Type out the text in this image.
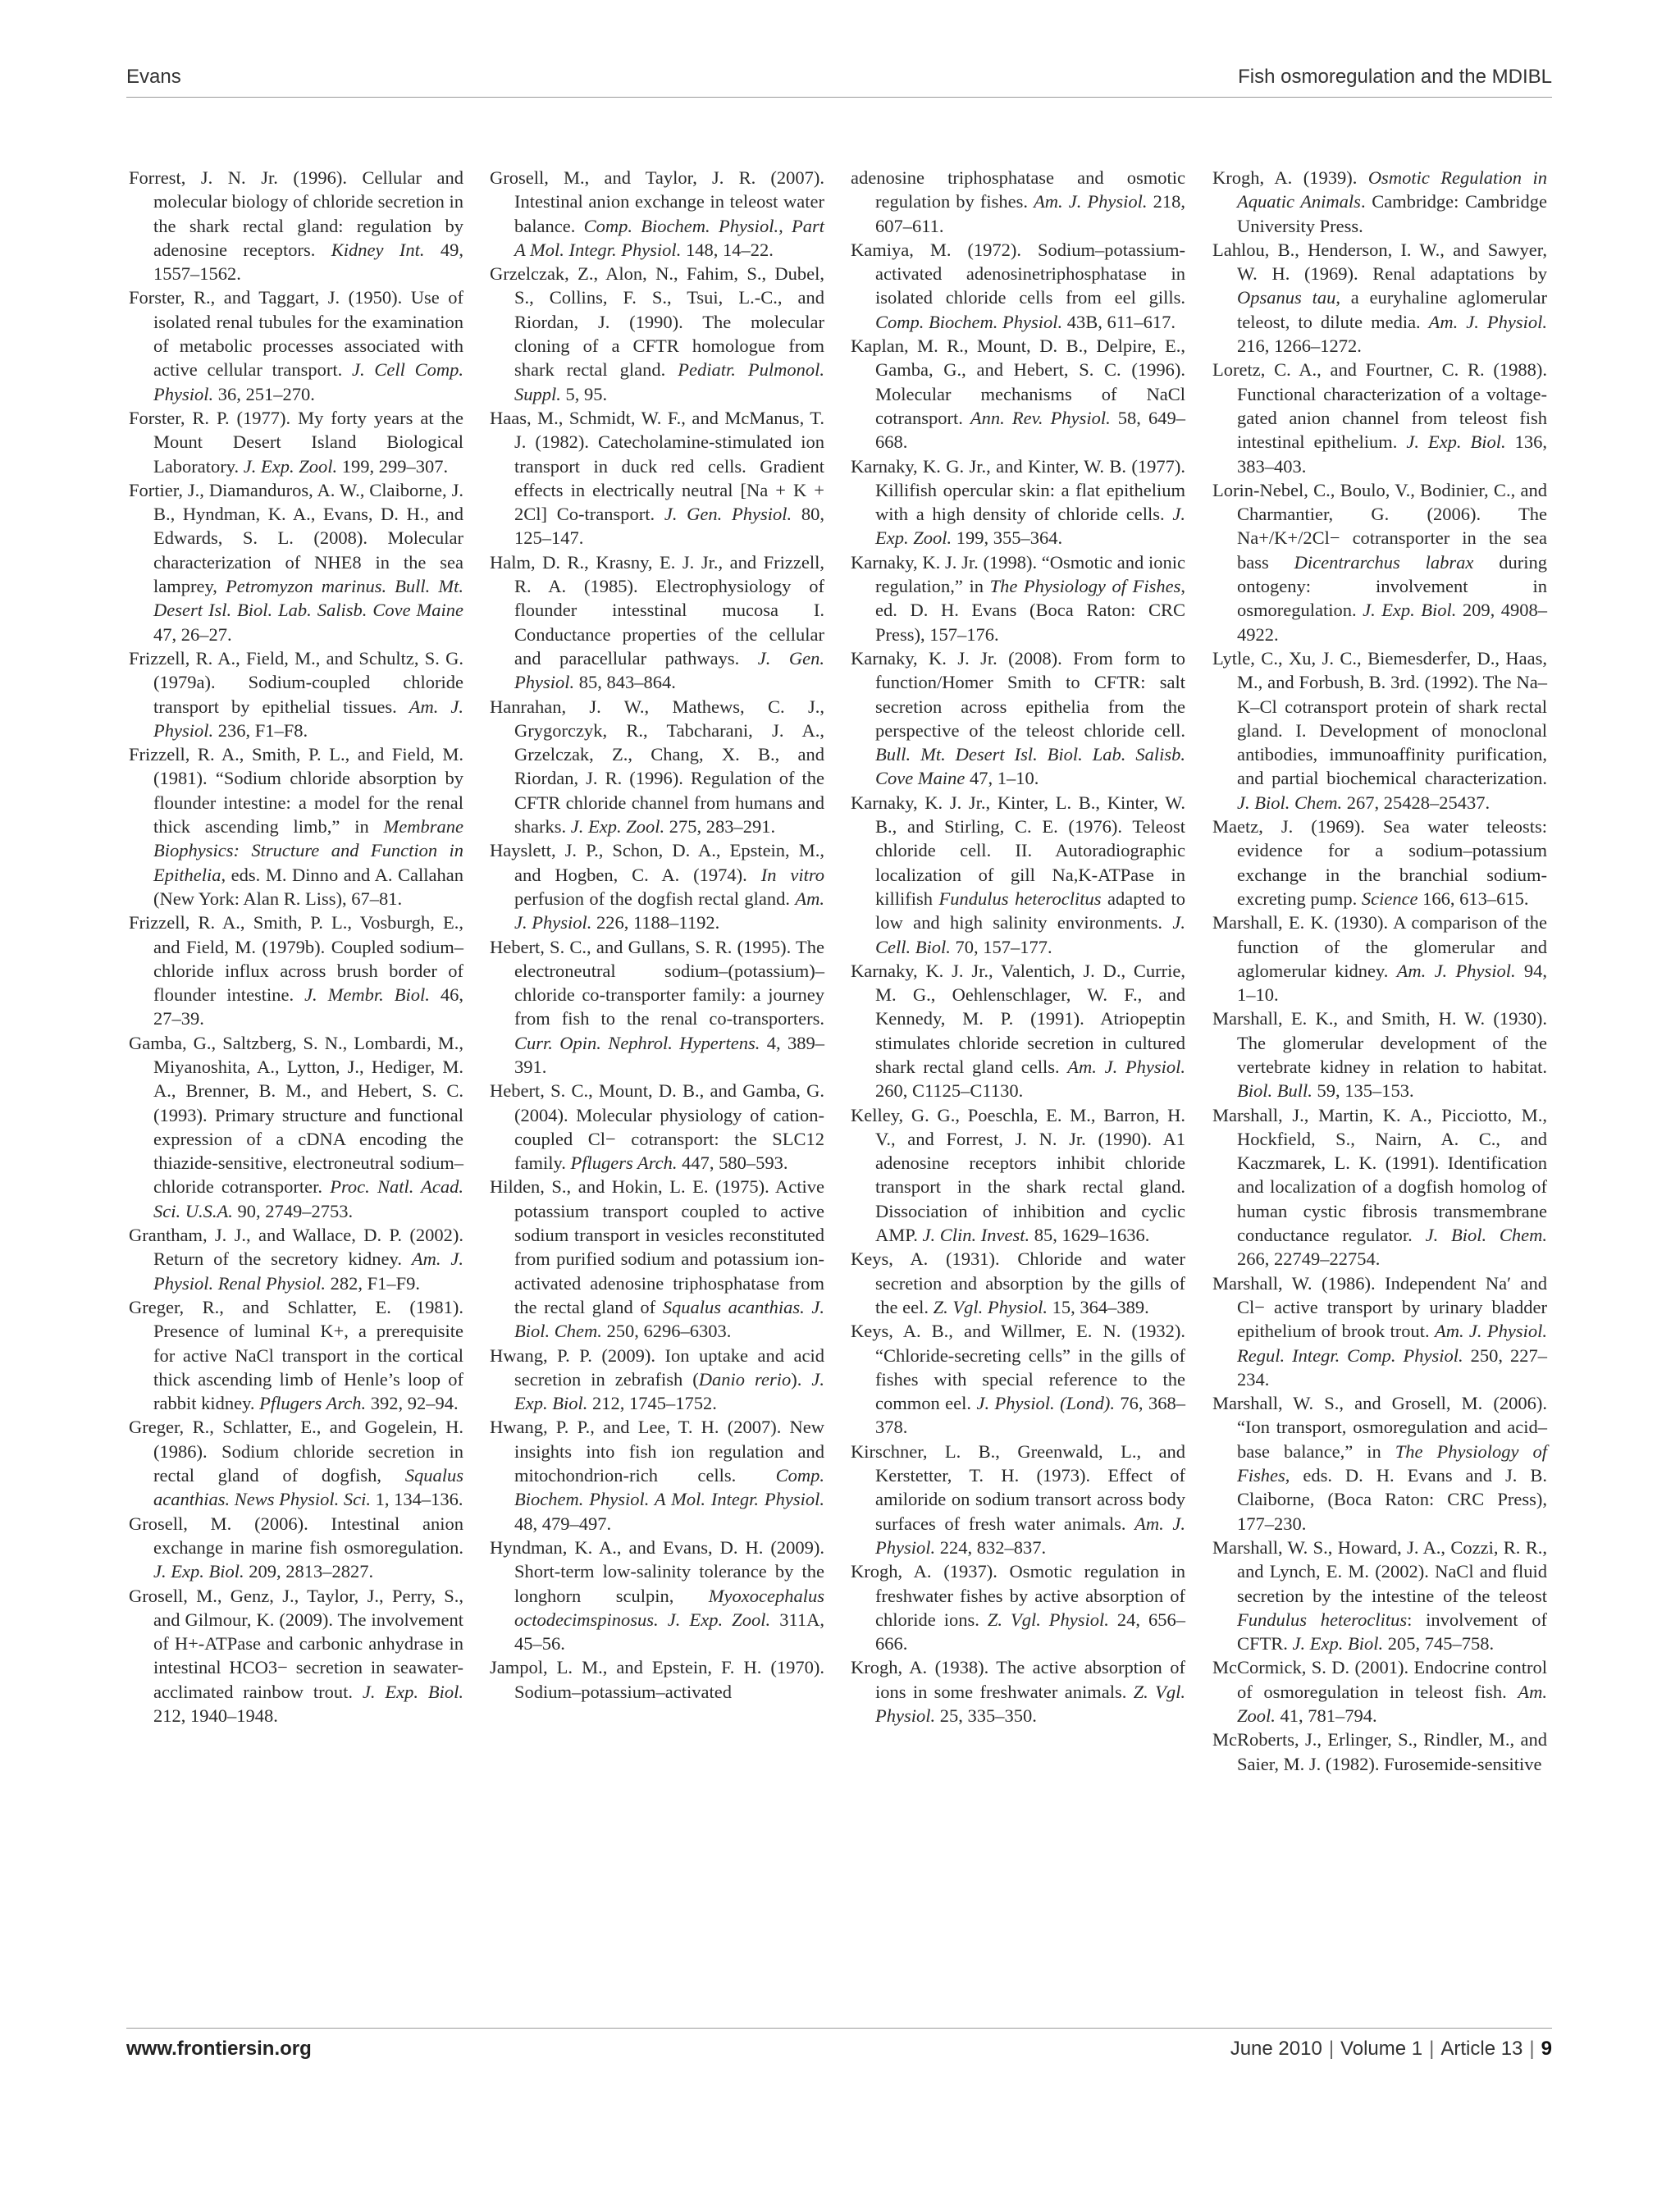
Evans	Fish osmoregulation and the MDIBL

Forrest, J. N. Jr. (1996). Cellular and molecular biology of chloride secretion in the shark rectal gland: regulation by adenosine receptors. Kidney Int. 49, 1557–1562.

Forster, R., and Taggart, J. (1950). Use of isolated renal tubules for the examination of metabolic processes associated with active cellular transport. J. Cell Comp. Physiol. 36, 251–270.

Forster, R. P. (1977). My forty years at the Mount Desert Island Biological Laboratory. J. Exp. Zool. 199, 299–307.

Fortier, J., Diamanduros, A. W., Claiborne, J. B., Hyndman, K. A., Evans, D. H., and Edwards, S. L. (2008). Molecular characterization of NHE8 in the sea lamprey, Petromyzon marinus. Bull. Mt. Desert Isl. Biol. Lab. Salisb. Cove Maine 47, 26–27.

Frizzell, R. A., Field, M., and Schultz, S. G. (1979a). Sodium-coupled chloride transport by epithelial tissues. Am. J. Physiol. 236, F1–F8.

Frizzell, R. A., Smith, P. L., and Field, M. (1981). “Sodium chloride absorption by flounder intestine: a model for the renal thick ascending limb,” in Membrane Biophysics: Structure and Function in Epithelia, eds. M. Dinno and A. Callahan (New York: Alan R. Liss), 67–81.

Frizzell, R. A., Smith, P. L., Vosburgh, E., and Field, M. (1979b). Coupled sodium–chloride influx across brush border of flounder intestine. J. Membr. Biol. 46, 27–39.

Gamba, G., Saltzberg, S. N., Lombardi, M., Miyanoshita, A., Lytton, J., Hediger, M. A., Brenner, B. M., and Hebert, S. C. (1993). Primary structure and functional expression of a cDNA encoding the thiazide-sensitive, electroneutral sodium–chloride cotransporter. Proc. Natl. Acad. Sci. U.S.A. 90, 2749–2753.

Grantham, J. J., and Wallace, D. P. (2002). Return of the secretory kidney. Am. J. Physiol. Renal Physiol. 282, F1–F9.

Greger, R., and Schlatter, E. (1981). Presence of luminal K+, a prerequisite for active NaCl transport in the cortical thick ascending limb of Henle’s loop of rabbit kidney. Pflugers Arch. 392, 92–94.

Greger, R., Schlatter, E., and Gogelein, H. (1986). Sodium chloride secretion in rectal gland of dogfish, Squalus acanthias. News Physiol. Sci. 1, 134–136.

Grosell, M. (2006). Intestinal anion exchange in marine fish osmoregulation. J. Exp. Biol. 209, 2813–2827.

Grosell, M., Genz, J., Taylor, J., Perry, S., and Gilmour, K. (2009). The involvement of H+-ATPase and carbonic anhydrase in intestinal HCO3− secretion in seawater-acclimated rainbow trout. J. Exp. Biol. 212, 1940–1948.

Grosell, M., and Taylor, J. R. (2007). Intestinal anion exchange in teleost water balance. Comp. Biochem. Physiol., Part A Mol. Integr. Physiol. 148, 14–22.

Grzelczak, Z., Alon, N., Fahim, S., Dubel, S., Collins, F. S., Tsui, L.-C., and Riordan, J. (1990). The molecular cloning of a CFTR homologue from shark rectal gland. Pediatr. Pulmonol. Suppl. 5, 95.

Haas, M., Schmidt, W. F., and McManus, T. J. (1982). Catecholamine-stimulated ion transport in duck red cells. Gradient effects in electrically neutral [Na + K + 2Cl] Co-transport. J. Gen. Physiol. 80, 125–147.

Halm, D. R., Krasny, E. J. Jr., and Frizzell, R. A. (1985). Electrophysiology of flounder intesstinal mucosa I. Conductance properties of the cellular and paracellular pathways. J. Gen. Physiol. 85, 843–864.

Hanrahan, J. W., Mathews, C. J., Grygorczyk, R., Tabcharani, J. A., Grzelczak, Z., Chang, X. B., and Riordan, J. R. (1996). Regulation of the CFTR chloride channel from humans and sharks. J. Exp. Zool. 275, 283–291.

Hayslett, J. P., Schon, D. A., Epstein, M., and Hogben, C. A. (1974). In vitro perfusion of the dogfish rectal gland. Am. J. Physiol. 226, 1188–1192.

Hebert, S. C., and Gullans, S. R. (1995). The electroneutral sodium–(potassium)–chloride co-transporter family: a journey from fish to the renal co-transporters. Curr. Opin. Nephrol. Hypertens. 4, 389–391.

Hebert, S. C., Mount, D. B., and Gamba, G. (2004). Molecular physiology of cation-coupled Cl− cotransport: the SLC12 family. Pflugers Arch. 447, 580–593.

Hilden, S., and Hokin, L. E. (1975). Active potassium transport coupled to active sodium transport in vesicles reconstituted from purified sodium and potassium ion-activated adenosine triphosphatase from the rectal gland of Squalus acanthias. J. Biol. Chem. 250, 6296–6303.

Hwang, P. P. (2009). Ion uptake and acid secretion in zebrafish (Danio rerio). J. Exp. Biol. 212, 1745–1752.

Hwang, P. P., and Lee, T. H. (2007). New insights into fish ion regulation and mitochondrion-rich cells. Comp. Biochem. Physiol. A Mol. Integr. Physiol. 48, 479–497.

Hyndman, K. A., and Evans, D. H. (2009). Short-term low-salinity tolerance by the longhorn sculpin, Myoxocephalus octodecimspinosus. J. Exp. Zool. 311A, 45–56.

Jampol, L. M., and Epstein, F. H. (1970). Sodium–potassium–activated

adenosine triphosphatase and osmotic regulation by fishes. Am. J. Physiol. 218, 607–611.

Kamiya, M. (1972). Sodium–potassium-activated adenosinetriphosphatase in isolated chloride cells from eel gills. Comp. Biochem. Physiol. 43B, 611–617.

Kaplan, M. R., Mount, D. B., Delpire, E., Gamba, G., and Hebert, S. C. (1996). Molecular mechanisms of NaCl cotransport. Ann. Rev. Physiol. 58, 649–668.

Karnaky, K. G. Jr., and Kinter, W. B. (1977). Killifish opercular skin: a flat epithelium with a high density of chloride cells. J. Exp. Zool. 199, 355–364.

Karnaky, K. J. Jr. (1998). “Osmotic and ionic regulation,” in The Physiology of Fishes, ed. D. H. Evans (Boca Raton: CRC Press), 157–176.

Karnaky, K. J. Jr. (2008). From form to function/Homer Smith to CFTR: salt secretion across epithelia from the perspective of the teleost chloride cell. Bull. Mt. Desert Isl. Biol. Lab. Salisb. Cove Maine 47, 1–10.

Karnaky, K. J. Jr., Kinter, L. B., Kinter, W. B., and Stirling, C. E. (1976). Teleost chloride cell. II. Autoradiographic localization of gill Na,K-ATPase in killifish Fundulus heteroclitus adapted to low and high salinity environments. J. Cell. Biol. 70, 157–177.

Karnaky, K. J. Jr., Valentich, J. D., Currie, M. G., Oehlenschlager, W. F., and Kennedy, M. P. (1991). Atriopeptin stimulates chloride secretion in cultured shark rectal gland cells. Am. J. Physiol. 260, C1125–C1130.

Kelley, G. G., Poeschla, E. M., Barron, H. V., and Forrest, J. N. Jr. (1990). A1 adenosine receptors inhibit chloride transport in the shark rectal gland. Dissociation of inhibition and cyclic AMP. J. Clin. Invest. 85, 1629–1636.

Keys, A. (1931). Chloride and water secretion and absorption by the gills of the eel. Z. Vgl. Physiol. 15, 364–389.

Keys, A. B., and Willmer, E. N. (1932). “Chloride-secreting cells” in the gills of fishes with special reference to the common eel. J. Physiol. (Lond). 76, 368–378.

Kirschner, L. B., Greenwald, L., and Kerstetter, T. H. (1973). Effect of amiloride on sodium transort across body surfaces of fresh water animals. Am. J. Physiol. 224, 832–837.

Krogh, A. (1937). Osmotic regulation in freshwater fishes by active absorption of chloride ions. Z. Vgl. Physiol. 24, 656–666.

Krogh, A. (1938). The active absorption of ions in some freshwater animals. Z. Vgl. Physiol. 25, 335–350.

Krogh, A. (1939). Osmotic Regulation in Aquatic Animals. Cambridge: Cambridge University Press.

Lahlou, B., Henderson, I. W., and Sawyer, W. H. (1969). Renal adaptations by Opsanus tau, a euryhaline aglomerular teleost, to dilute media. Am. J. Physiol. 216, 1266–1272.

Loretz, C. A., and Fourtner, C. R. (1988). Functional characterization of a voltage-gated anion channel from teleost fish intestinal epithelium. J. Exp. Biol. 136, 383–403.

Lorin-Nebel, C., Boulo, V., Bodinier, C., and Charmantier, G. (2006). The Na+/K+/2Cl− cotransporter in the sea bass Dicentrarchus labrax during ontogeny: involvement in osmoregulation. J. Exp. Biol. 209, 4908–4922.

Lytle, C., Xu, J. C., Biemesderfer, D., Haas, M., and Forbush, B. 3rd. (1992). The Na–K–Cl cotransport protein of shark rectal gland. I. Development of monoclonal antibodies, immunoaffinity purification, and partial biochemical characterization. J. Biol. Chem. 267, 25428–25437.

Maetz, J. (1969). Sea water teleosts: evidence for a sodium–potassium exchange in the branchial sodium-excreting pump. Science 166, 613–615.

Marshall, E. K. (1930). A comparison of the function of the glomerular and aglomerular kidney. Am. J. Physiol. 94, 1–10.

Marshall, E. K., and Smith, H. W. (1930). The glomerular development of the vertebrate kidney in relation to habitat. Biol. Bull. 59, 135–153.

Marshall, J., Martin, K. A., Picciotto, M., Hockfield, S., Nairn, A. C., and Kaczmarek, L. K. (1991). Identification and localization of a dogfish homolog of human cystic fibrosis transmembrane conductance regulator. J. Biol. Chem. 266, 22749–22754.

Marshall, W. (1986). Independent Na′ and Cl− active transport by urinary bladder epithelium of brook trout. Am. J. Physiol. Regul. Integr. Comp. Physiol. 250, 227–234.

Marshall, W. S., and Grosell, M. (2006). “Ion transport, osmoregulation and acid–base balance,” in The Physiology of Fishes, eds. D. H. Evans and J. B. Claiborne, (Boca Raton: CRC Press), 177–230.

Marshall, W. S., Howard, J. A., Cozzi, R. R., and Lynch, E. M. (2002). NaCl and fluid secretion by the intestine of the teleost Fundulus heteroclitus: involvement of CFTR. J. Exp. Biol. 205, 745–758.

McCormick, S. D. (2001). Endocrine control of osmoregulation in teleost fish. Am. Zool. 41, 781–794.

McRoberts, J., Erlinger, S., Rindler, M., and Saier, M. J. (1982). Furosemide-sensitive

www.frontiersin.org	June 2010 | Volume 1 | Article 13 | 9
